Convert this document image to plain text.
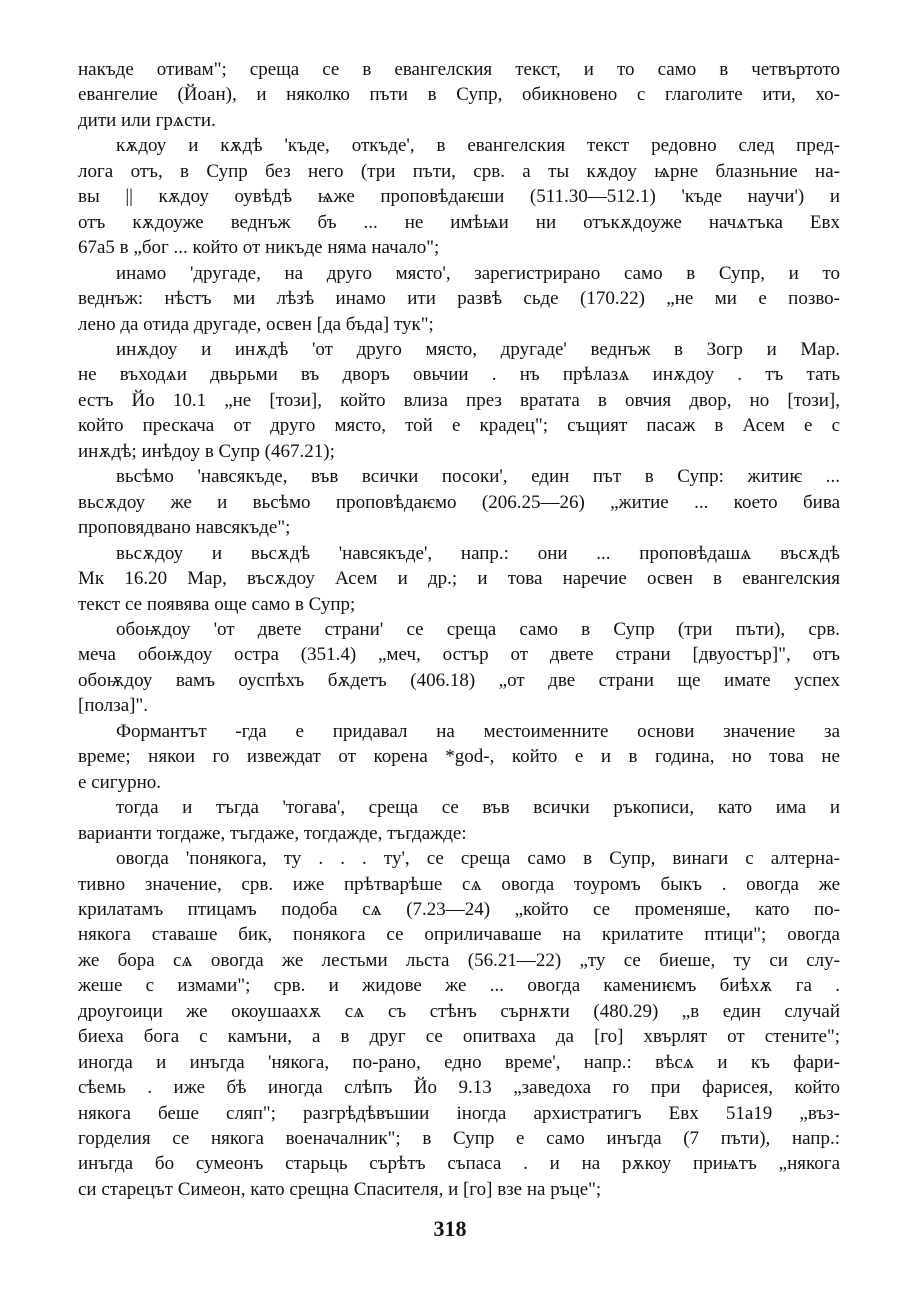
накъде отивам"; среща се в евангелския текст, и то само в четвъртото
евангелие (Йоан), и няколко пъти в Супр, обикновено с глаголите ити, хо-
дити или грѧсти.
кѫдоу и кѫдѣ 'къде, откъде', в евангелския текст редовно след пред-
лога отъ, в Супр без него (три пъти, срв. а ты кѫдоу ѩрне блазньние на-
вы || кѫдоу оувѣдѣ ѩже проповѣдаѥши (511.30—512.1) 'къде научи') и
отъ кѫдоуже веднъж бъ ... не имѣѩи ни отъкѫдоуже начѧтъка Евх
67а5 в „бог ... който от никъде няма начало";
инамо 'другаде, на друго място', зарегистрирано само в Супр, и то
веднъж: нѣстъ ми лѣзѣ инамо ити развѣ сьде (170.22) „не ми е позво-
лено да отида другаде, освен [да бъда] тук";
инѫдоу и инѫдѣ 'от друго място, другаде' веднъж в Зогр и Мар.
не въходѧи двьрьми въ дворъ овьчии . нъ прѣлазѧ инѫдоу . тъ тать
естъ Йо 10.1 „не [този], който влиза през вратата в овчия двор, но [този],
който прескача от друго място, той е крадец"; същият пасаж в Асем е с
инѫдѣ; инѣдоу в Супр (467.21);
вьсѣмо 'навсякъде, във всички посоки', един път в Супр: житиѥ ...
вьсѫдоу же и вьсѣмо проповѣдаѥмо (206.25—26) „житие ... което бива
проповядвано навсякъде";
вьсѫдоу и вьсѫдѣ 'навсякъде', напр.: они ... проповѣдашѧ въсѫдѣ
Мк 16.20 Мар, въсѫдоу Асем и др.; и това наречие освен в евангелския
текст се появява още само в Супр;
обоѭдоу 'от двете страни' се среща само в Супр (три пъти), срв.
меча обоѭдоу остра (351.4) „меч, остър от двете страни [двуостър]", отъ
обоѭдоу вамъ оуспѣхъ бѫдетъ (406.18) „от две страни ще имате успех
[полза]".
Формантът -гда е придавал на местоименните основи значение за
време; някои го извеждат от корена *god-, който е и в година, но това не
е сигурно.
тогда и тъгда 'тогава', среща се във всички ръкописи, като има и
варианти тогдаже, тъгдаже, тогдажде, тъгдажде:
овогда 'понякога, ту . . . ту', се среща само в Супр, винаги с алтерна-
тивно значение, срв. иже прѣтварѣше сѧ овогда тоуромъ быкъ . овогда же
крилатамъ птицамъ подоба сѧ (7.23—24) „който се променяше, като по-
някога ставаше бик, понякога се оприличаваше на крилатите птици"; овогда
же бора сѧ овогда же лестьми льста (56.21—22) „ту се биеше, ту си слу-
жеше с измами"; срв. и жидове же ... овогда камениѥмъ биѣхѫ га .
дроугоици же окоушаахѫ сѧ съ стѣнъ сърнѫти (480.29) „в един случай
биеха бога с камъни, а в друг се опитваха да [го] хвърлят от стените";
иногда и инъгда 'някога, по-рано, едно време', напр.: вѣсѧ и къ фари-
сѣемь . иже бѣ иногда слѣпъ Йо 9.13 „заведоха го при фарисея, който
някога беше сляп"; разгрѣдѣвъшии іногда архистратигъ Евх 51а19 „въз-
горделия се някога военачалник"; в Супр е само инъгда (7 пъти), напр.:
инъгда бо сумеонъ старьць сърѣтъ съпаса . и на рѫкоу приѩтъ „някога
си старецът Симеон, като срещна Спасителя, и [го] взе на ръце";
318
